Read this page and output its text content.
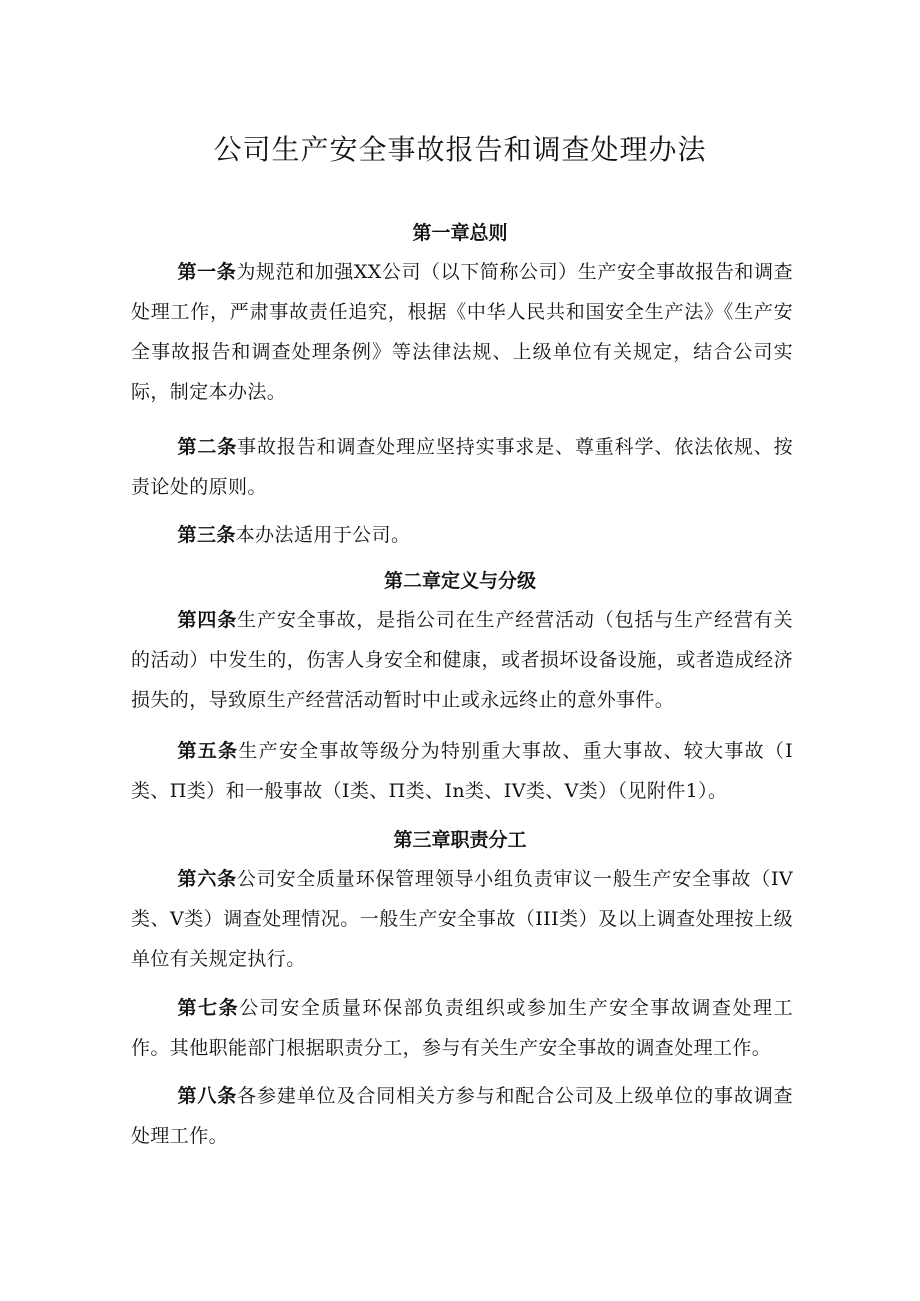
公司生产安全事故报告和调查处理办法
第一章总则
第一条为规范和加强XX公司（以下简称公司）生产安全事故报告和调查处理工作，严肃事故责任追究，根据《中华人民共和国安全生产法》《生产安全事故报告和调查处理条例》等法律法规、上级单位有关规定，结合公司实际，制定本办法。
第二条事故报告和调查处理应坚持实事求是、尊重科学、依法依规、按责论处的原则。
第三条本办法适用于公司。
第二章定义与分级
第四条生产安全事故，是指公司在生产经营活动（包括与生产经营有关的活动）中发生的，伤害人身安全和健康，或者损坏设备设施，或者造成经济损失的，导致原生产经营活动暂时中止或永远终止的意外事件。
第五条生产安全事故等级分为特别重大事故、重大事故、较大事故（I类、Π类）和一般事故（I类、Π类、In类、IV类、V类）（见附件1）。
第三章职责分工
第六条公司安全质量环保管理领导小组负责审议一般生产安全事故（IV类、V类）调查处理情况。一般生产安全事故（III类）及以上调查处理按上级单位有关规定执行。
第七条公司安全质量环保部负责组织或参加生产安全事故调查处理工作。其他职能部门根据职责分工，参与有关生产安全事故的调查处理工作。
第八条各参建单位及合同相关方参与和配合公司及上级单位的事故调查处理工作。
